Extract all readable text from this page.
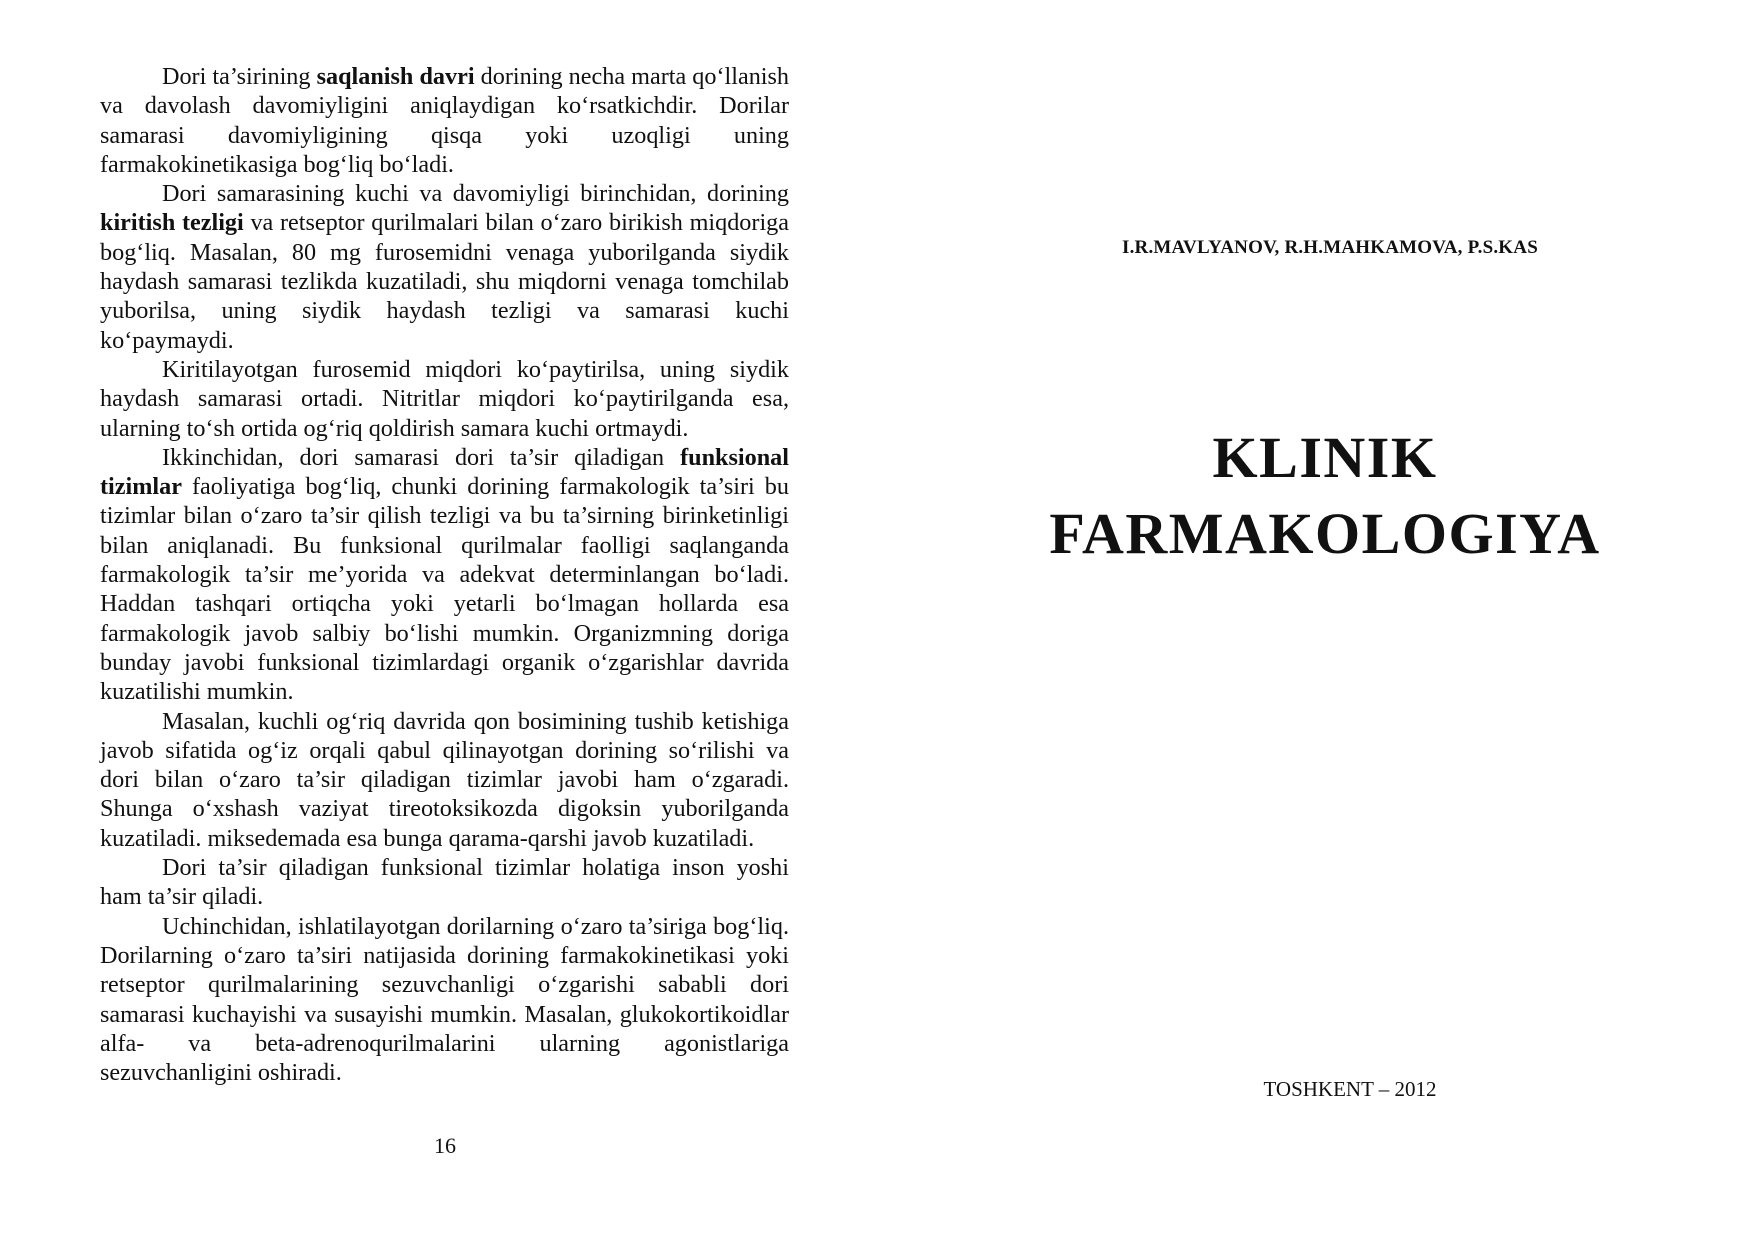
Dori ta’sirining saqlanish davri dorining necha marta qo‘llanish va davolash davomiyligini aniqlaydigan ko‘rsatkichdir. Dorilar samarasi davomiyligining qisqa yoki uzoqligi uning farmakokinetikasiga bog‘liq bo‘ladi.

Dori samarasining kuchi va davomiyligi birinchidan, dorining kiritish tezligi va retseptor qurilmalari bilan o‘zaro birikish miqdoriga bog‘liq. Masalan, 80 mg furosemidni venaga yuborilganda siydik haydash samarasi tezlikda kuzatiladi, shu miqdorni venaga tomchilab yuborilsa, uning siydik haydash tezligi va samarasi kuchi ko‘paymaydi.

Kiritilayotgan furosemid miqdori ko‘paytirilsa, uning siydik haydash samarasi ortadi. Nitritlar miqdori ko‘paytirilganda esa, ularning to‘sh ortida og‘riq qoldirish samara kuchi ortmaydi.

Ikkinchidan, dori samarasi dori ta’sir qiladigan funksional tizimlar faoliyatiga bog‘liq, chunki dorining farmakologik ta’siri bu tizimlar bilan o‘zaro ta’sir qilish tezligi va bu ta’sirning birinketinligi bilan aniqlanadi. Bu funksional qurilmalar faolligi saqlanganda farmakologik ta’sir me’yorida va adekvat determinlangan bo‘ladi. Haddan tashqari ortiqcha yoki yetarli bo‘lmagan hollarda esa farmakologik javob salbiy bo‘lishi mumkin. Organizmning doriga bunday javobi funksional tizimlardagi organik o‘zgarishlar davrida kuzatilishi mumkin.

Masalan, kuchli og‘riq davrida qon bosimining tushib ketishiga javob sifatida og‘iz orqali qabul qilinayotgan dorining so‘rilishi va dori bilan o‘zaro ta’sir qiladigan tizimlar javobi ham o‘zgaradi. Shunga o‘xshash vaziyat tireotoksikozda digoksin yuborilganda kuzatiladi. miksedemada esa bunga qarama-qarshi javob kuzatiladi.

Dori ta’sir qiladigan funksional tizimlar holatiga inson yoshi ham ta’sir qiladi.

Uchinchidan, ishlatilayotgan dorilarning o‘zaro ta’siriga bog‘liq. Dorilarning o‘zaro ta’siri natijasida dorining farmakokinetikasi yoki retseptor qurilmalarining sezuvchanligi o‘zgarishi sababli dori samarasi kuchayishi va susayishi mumkin. Masalan, glukokortikoidlar alfa- va beta-adrenoqurilmalarini ularning agonistlariga sezuvchanligini oshiradi.

16
I.R.MAVLYANOV, R.H.MAHKAMOVA, P.S.KAS
KLINIK
FARMAKOLOGIYA
TOSHKENT – 2012
